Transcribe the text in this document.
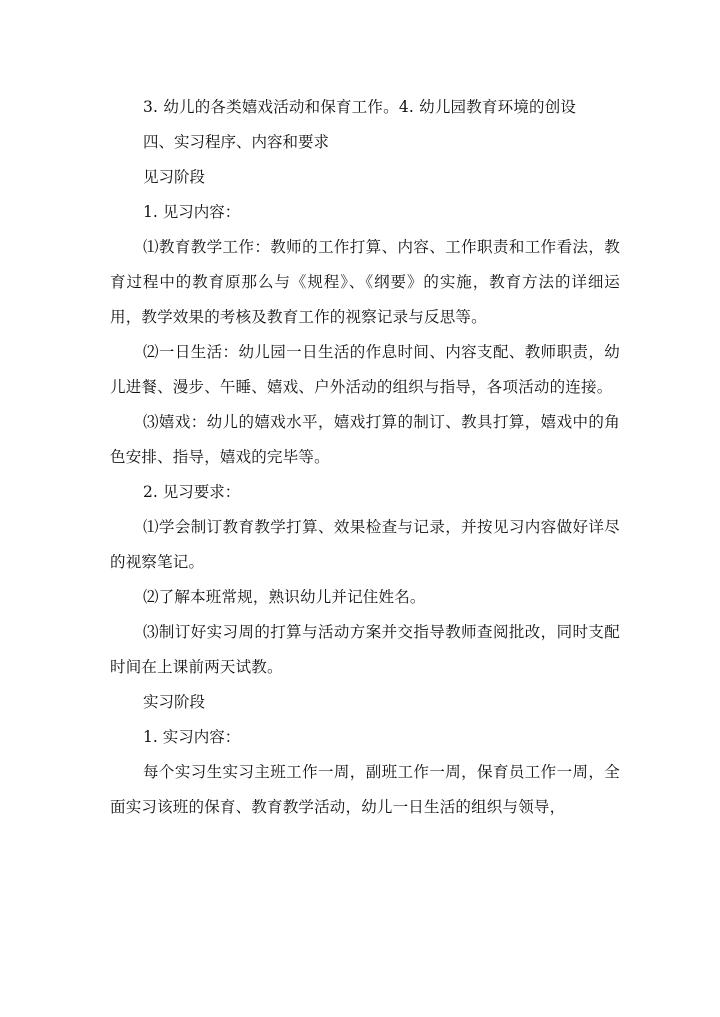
3. 幼儿的各类嬉戏活动和保育工作。4. 幼儿园教育环境的创设

四、实习程序、内容和要求

见习阶段

1. 见习内容：

⑴教育教学工作：教师的工作打算、内容、工作职责和工作看法，教育过程中的教育原那么与《规程》、《纲要》的实施，教育方法的详细运用，教学效果的考核及教育工作的视察记录与反思等。

⑵一日生活：幼儿园一日生活的作息时间、内容支配、教师职责，幼儿进餐、漫步、午睡、嬉戏、户外活动的组织与指导，各项活动的连接。

⑶嬉戏：幼儿的嬉戏水平，嬉戏打算的制订、教具打算，嬉戏中的角色安排、指导，嬉戏的完毕等。

2. 见习要求：

⑴学会制订教育教学打算、效果检查与记录，并按见习内容做好详尽的视察笔记。

⑵了解本班常规，熟识幼儿并记住姓名。

⑶制订好实习周的打算与活动方案并交指导教师查阅批改，同时支配时间在上课前两天试教。

实习阶段

1. 实习内容：

每个实习生实习主班工作一周，副班工作一周，保育员工作一周，全面实习该班的保育、教育教学活动，幼儿一日生活的组织与领导，
